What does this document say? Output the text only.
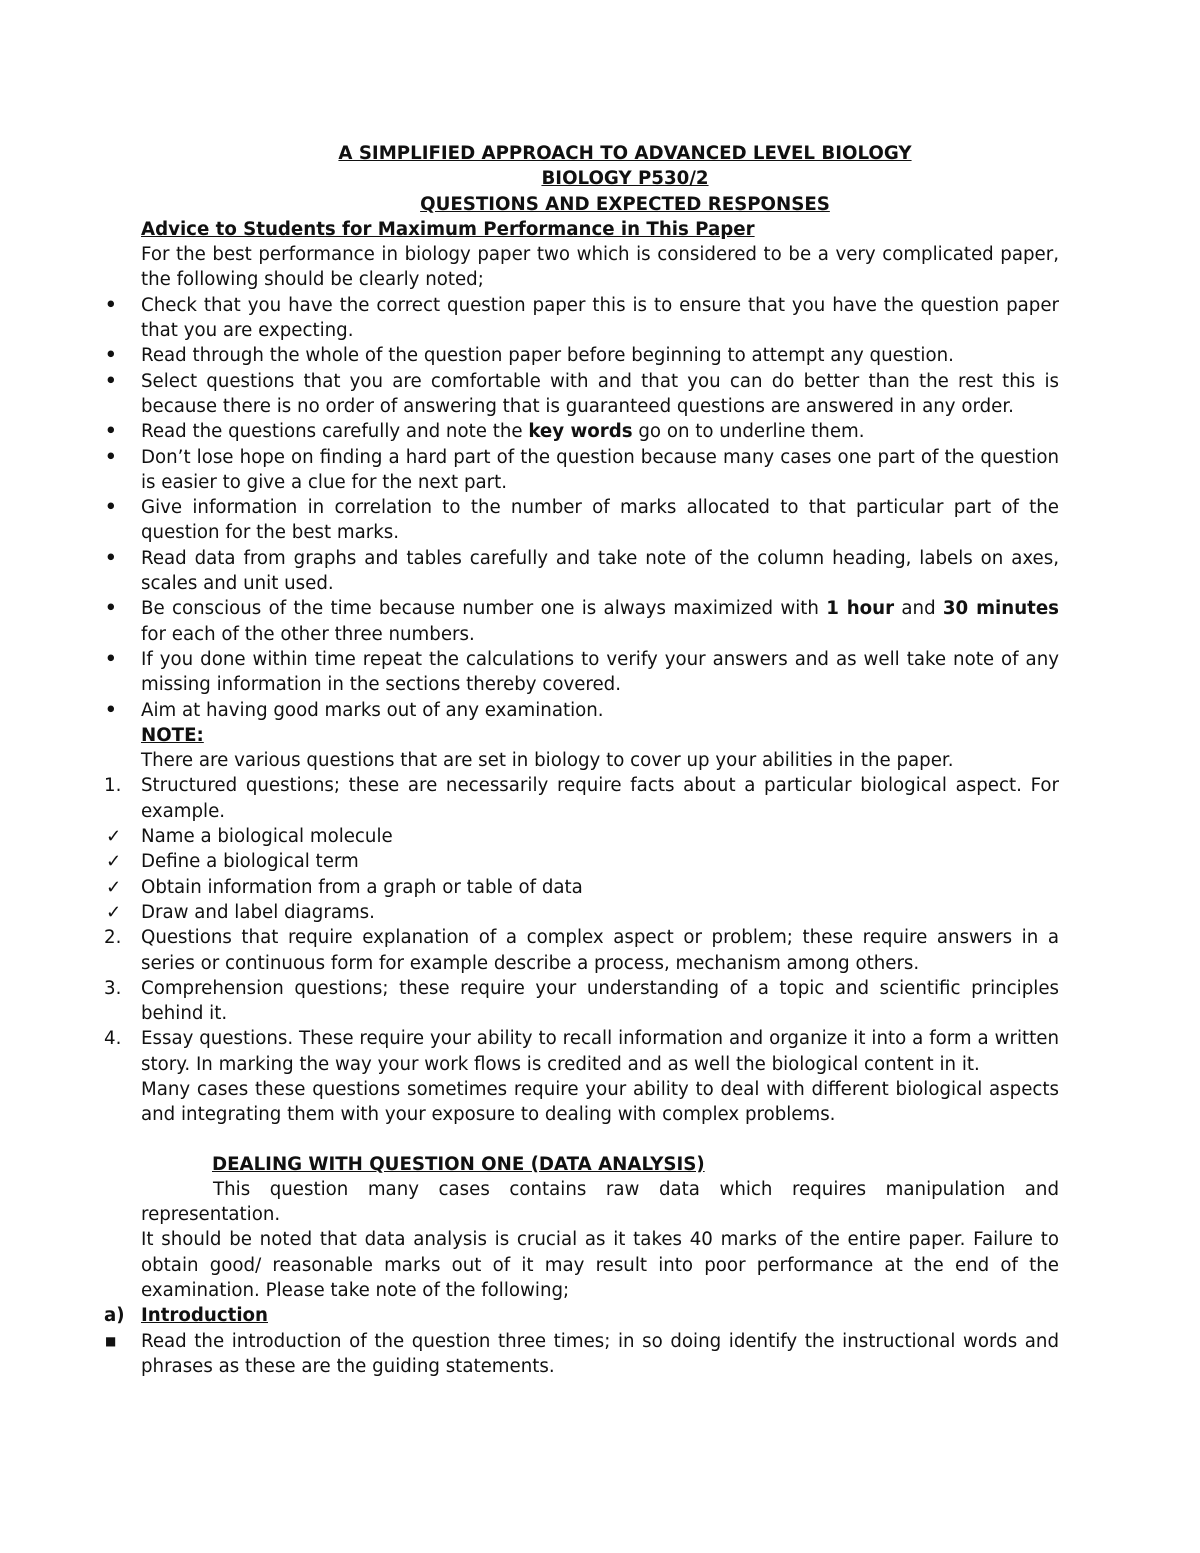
A SIMPLIFIED APPROACH TO ADVANCED LEVEL BIOLOGY
BIOLOGY P530/2
QUESTIONS AND EXPECTED RESPONSES
Advice to Students for Maximum Performance in This Paper
For the best performance in biology paper two which is considered to be a very complicated paper, the following should be clearly noted;
•	Check that you have the correct question paper this is to ensure that you have the question paper that you are expecting.
•	Read through the whole of the question paper before beginning to attempt any question.
•	Select questions that you are comfortable with and that you can do better than the rest this is because there is no order of answering that is guaranteed questions are answered in any order.
•	Read the questions carefully and note the key words go on to underline them.
•	Don’t lose hope on finding a hard part of the question because many cases one part of the question is easier to give a clue for the next part.
•	Give information in correlation to the number of marks allocated to that particular part of the question for the best marks.
•	Read data from graphs and tables carefully and take note of the column heading, labels on axes, scales and unit used.
•	Be conscious of the time because number one is always maximized with 1 hour and 30 minutes for each of the other three numbers.
•	If you done within time repeat the calculations to verify your answers and as well take note of any missing information in the sections thereby covered.
•	Aim at having good marks out of any examination.
NOTE:
There are various questions that are set in biology to cover up your abilities in the paper.
1.	Structured questions; these are necessarily require facts about a particular biological aspect. For example.
✓	Name a biological molecule
✓	Define a biological term
✓	Obtain information from a graph or table of data
✓	Draw and label diagrams.
2.	Questions that require explanation of a complex aspect or problem; these require answers in a series or continuous form for example describe a process, mechanism among others.
3.	Comprehension questions; these require your understanding of a topic and scientific principles behind it.
4.	Essay questions. These require your ability to recall information and organize it into a form a written story. In marking the way your work flows is credited and as well the biological content in it.
Many cases these questions sometimes require your ability to deal with different biological aspects and integrating them with your exposure to dealing with complex problems.
DEALING WITH QUESTION ONE (DATA ANALYSIS)
This question many cases contains raw data which requires manipulation and representation.
It should be noted that data analysis is crucial as it takes 40 marks of the entire paper. Failure to obtain good/ reasonable marks out of it may result into poor performance at the end of the examination. Please take note of the following;
a) Introduction
■	Read the introduction of the question three times; in so doing identify the instructional words and phrases as these are the guiding statements.
